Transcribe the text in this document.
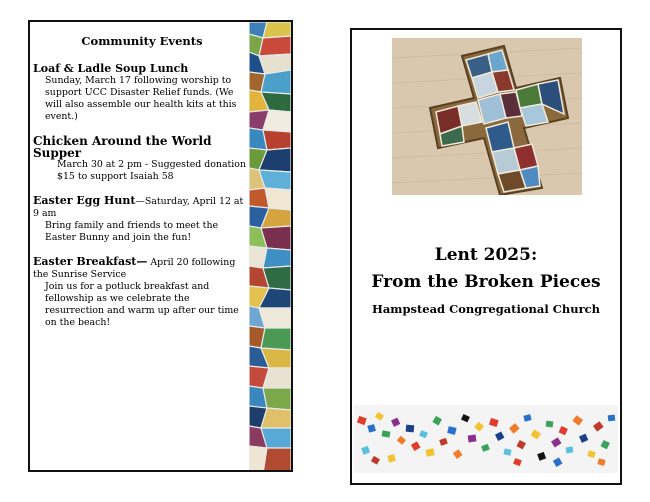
Community Events
Loaf & Ladle Soup Lunch
Sunday, March 17 following worship to support UCC Disaster Relief funds. (We will also assemble our health kits at this event.)
Chicken Around the World Supper
March 30 at 2 pm - Suggested donation $15 to support Isaiah 58
Easter Egg Hunt—Saturday, April 12 at 9 am
Bring family and friends to meet the Easter Bunny and join the fun!
Easter Breakfast— April 20 following the Sunrise Service
Join us for a potluck breakfast and fellowship as we celebrate the resurrection and warm up after our time on the beach!
Lent 2025:
From the Broken Pieces
Hampstead Congregational Church
